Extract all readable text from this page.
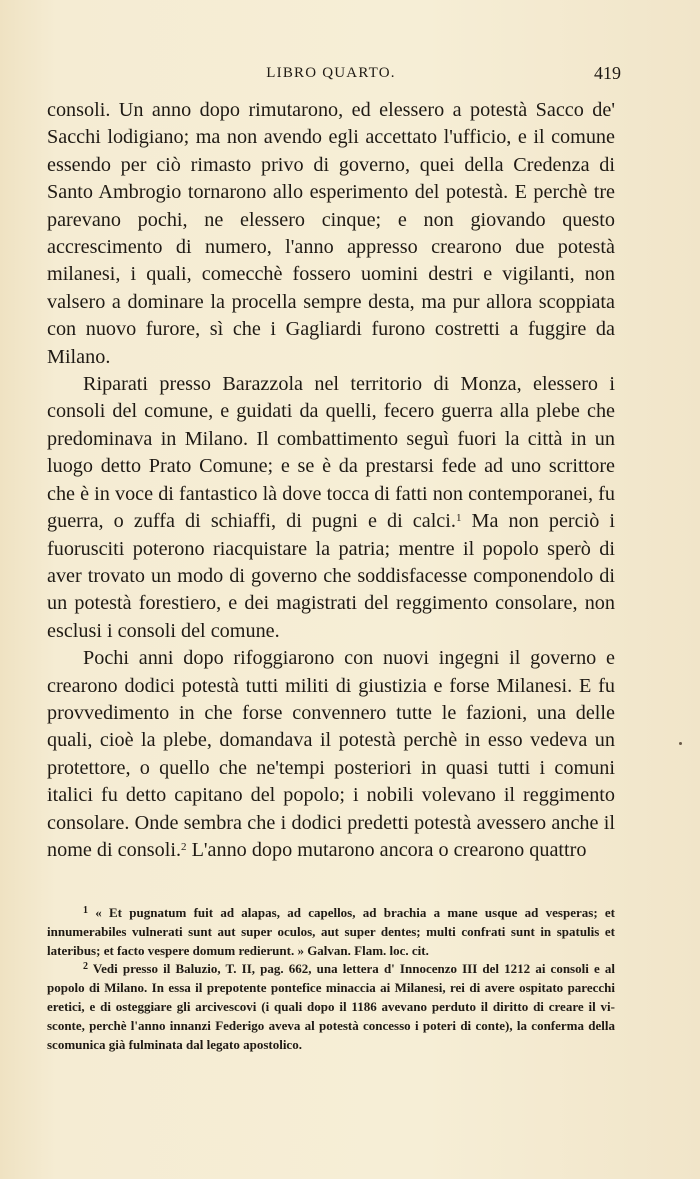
LIBRO QUARTO.	419

consoli. Un anno dopo rimutarono, ed elessero a potestà Sacco de' Sacchi lodigiano; ma non avendo egli accettato l'ufficio, e il comune essendo per ciò rimasto privo di governo, quei della Credenza di Santo Ambrogio tornarono allo esperimento del potestà. E perchè tre parevano pochi, ne elessero cinque; e non giovando questo accrescimento di numero, l'anno appresso crearono due potestà milanesi, i quali, comecchè fossero uomini destri e vigilanti, non valsero a dominare la procella sempre desta, ma pur allora scoppiata con nuovo furore, sì che i Gagliardi furono costretti a fuggire da Milano.

Riparati presso Barazzola nel territorio di Monza, elessero i consoli del comune, e guidati da quelli, fecero guerra alla plebe che predominava in Milano. Il combattimento seguì fuori la città in un luogo detto Prato Comune; e se è da prestarsi fede ad uno scrittore che è in voce di fantastico là dove tocca di fatti non contemporanei, fu guerra, o zuffa di schiaffi, di pugni e di calci.$^1$ Ma non perciò i fuorusciti poterono riacquistare la patria; mentre il popolo sperò di aver trovato un modo di governo che soddisfacesse componendolo di un potestà forestiero, e dei magistrati del reggimento consolare, non esclusi i consoli del comune.

Pochi anni dopo rifoggiarono con nuovi ingegni il governo e crearono dodici potestà tutti militi di giustizia e forse Milanesi. E fu provvedimento in che forse convennero tutte le fazioni, una delle quali, cioè la plebe, domandava il potestà perchè in esso vedeva un protettore, o quello che ne'tempi posteriori in quasi tutti i comuni italici fu detto capitano del popolo; i nobili volevano il reggimento consolare. Onde sembra che i dodici predetti potestà avessero anche il nome di consoli.$^2$ L'anno dopo mutarono ancora o crearono quattro

$^1$ « Et pugnatum fuit ad alapas, ad capellos, ad brachia a mane usque ad vesperas; et innumerabiles vulnerati sunt aut super oculos, aut super dentes; multi confrati sunt in spatulis et lateribus; et facto vespere domum redierunt. » Galvan. Flam. loc. cit.

$^2$ Vedi presso il Baluzio, T. II, pag. 662, una lettera d' Innocenzo III del 1212 ai consoli e al popolo di Milano. In essa il prepotente pontefice minaccia ai Milanesi, rei di avere ospitato parecchi eretici, e di osteggiare gli arcivescovi (i quali dopo il 1186 avevano perduto il diritto di creare il visconte, perchè l'anno innanzi Federigo aveva al potestà concesso i poteri di conte), la conferma della scomunica già fulminata dal legato apostolico.
